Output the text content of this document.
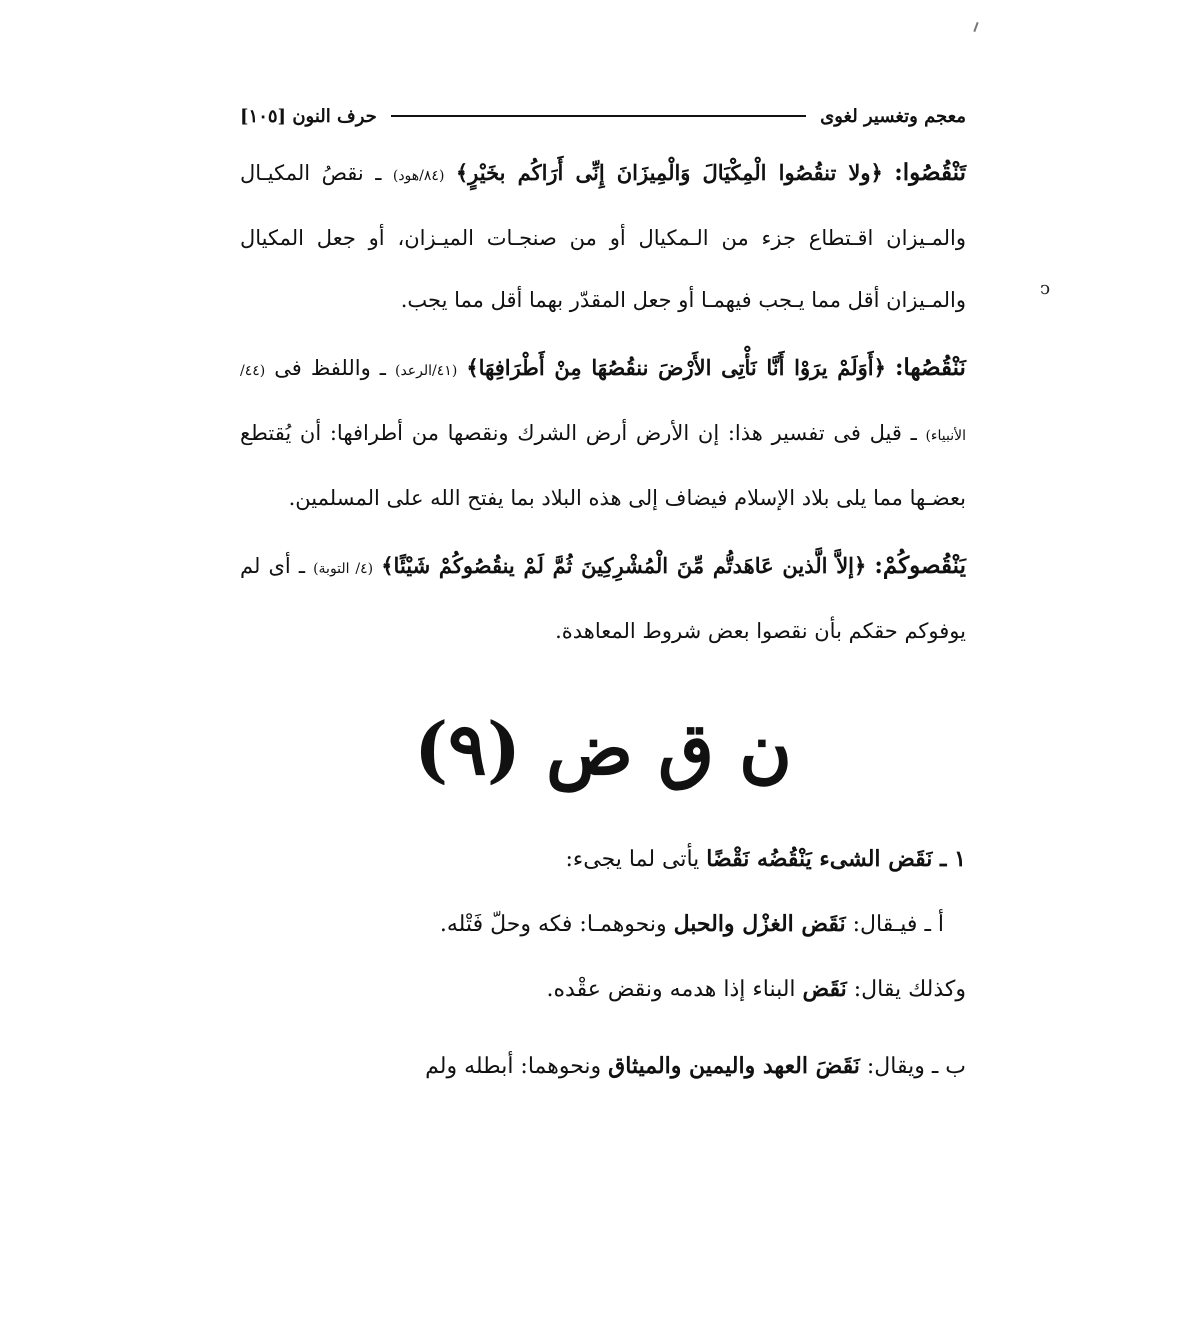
ↄ
معجم وتغسير لغوى
حرف النون [١٠٥]

تَنْقُصُوا: ﴿ولا تنقُصُوا الْمِكْيَالَ وَالْمِيزَانَ إِنِّى أَرَاكُم بخَيْرٍ﴾ (٨٤/هود) ـ نقصُ المكيـال والمـيزان اقـتطاع جزء من الـمكيال أو من صنجـات الميـزان، أو جعل المكيال والمـيزان أقل مما يـجب فيهمـا أو جعل المقدّر بهما أقل مما يجب.

نَنْقُصُها: ﴿أَوَلَمْ يرَوْا أَنَّا نَأْتِى الأَرْضَ ننقُصُهَا مِنْ أَطْرَافِهَا﴾ (٤١/الرعد) ـ واللفظ فى (٤٤/الأنبياء) ـ قيل فى تفسير هذا: إن الأرض أرض الشرك ونقصها من أطرافها: أن يُقتطع بعضـها مما يلى بلاد الإسلام فيضاف إلى هذه البلاد بما يفتح الله على المسلمين.

يَنْقُصوكُمْ: ﴿إلاَّ الَّذين عَاهَدتُّم مِّنَ الْمُشْرِكِينَ ثُمَّ لَمْ ينقُصُوكُمْ شَيْئًا﴾ (٤/ التوبة) ـ أى لم يوفوكم حقكم بأن نقصوا بعض شروط المعاهدة.

ن ق ض (٩)

١ ـ نَقَض الشىء يَنْقُضُه نَقْضًا يأتى لما يجىء:

أ ـ فيـقال: نَقَض الغزْل والحبل ونحوهمـا: فكه وحلّ فَتْله.

وكذلك يقال: نَقَض البناء إذا هدمه ونقض عقْده.

ب ـ ويقال: نَقَضَ العهد واليمين والميثاق ونحوهما: أبطله ولم
